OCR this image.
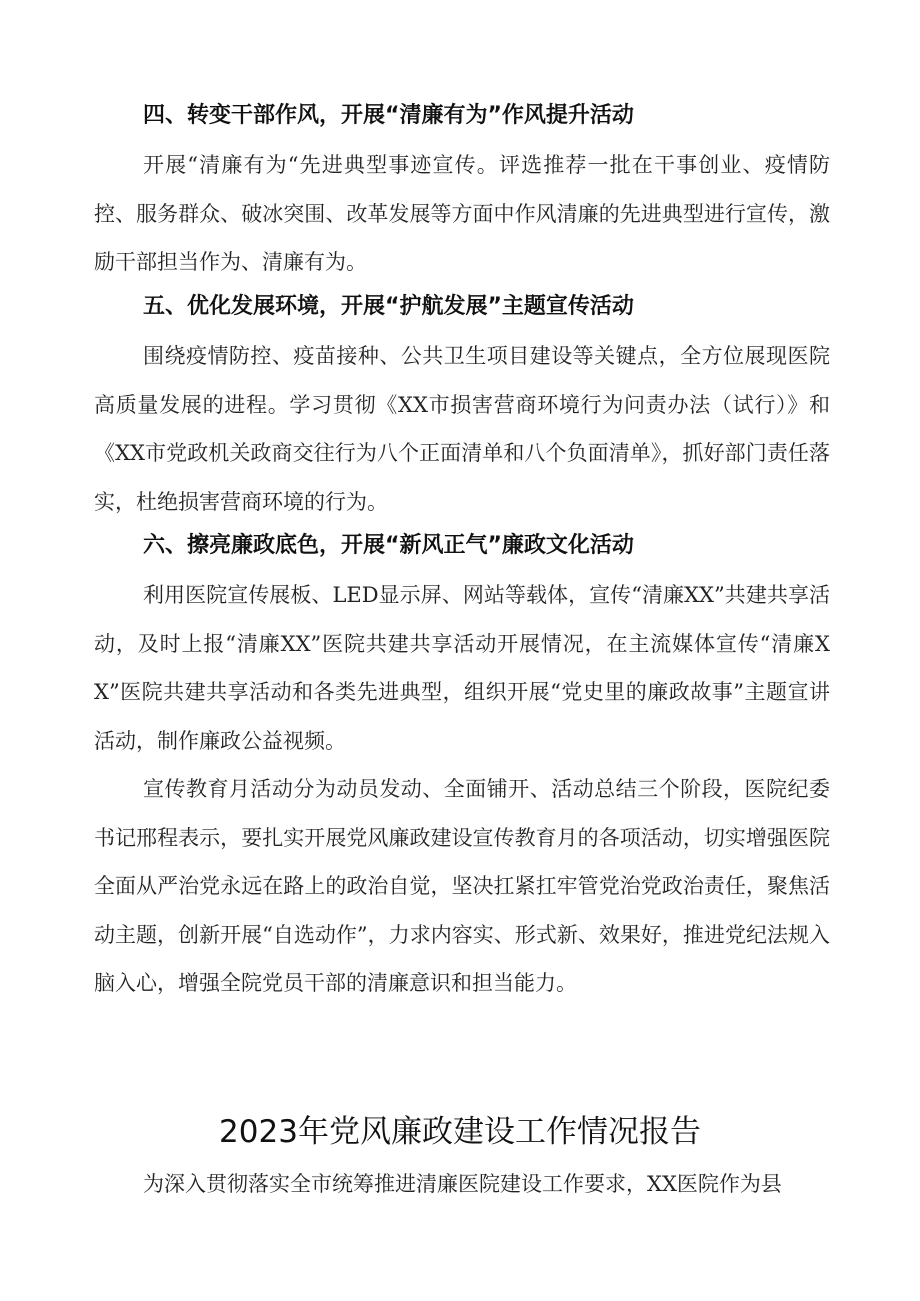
四、转变干部作风，开展“清廉有为”作风提升活动
开展“清廉有为“先进典型事迹宣传。评选推荐一批在干事创业、疫情防控、服务群众、破冰突围、改革发展等方面中作风清廉的先进典型进行宣传，激励干部担当作为、清廉有为。
五、优化发展环境，开展“护航发展”主题宣传活动
围绕疫情防控、疫苗接种、公共卫生项目建设等关键点，全方位展现医院高质量发展的进程。学习贯彻《XX市损害营商环境行为问责办法（试行）》和《XX市党政机关政商交往行为八个正面清单和八个负面清单》，抓好部门责任落实，杜绝损害营商环境的行为。
六、擦亮廉政底色，开展“新风正气”廉政文化活动
利用医院宣传展板、LED显示屏、网站等载体，宣传“清廉XX”共建共享活动，及时上报“清廉XX”医院共建共享活动开展情况，在主流媒体宣传“清廉XX”医院共建共享活动和各类先进典型，组织开展“党史里的廉政故事”主题宣讲活动，制作廉政公益视频。
宣传教育月活动分为动员发动、全面铺开、活动总结三个阶段，医院纪委书记邢程表示，要扎实开展党风廉政建设宣传教育月的各项活动，切实增强医院全面从严治党永远在路上的政治自觉，坚决扛紧扛牢管党治党政治责任，聚焦活动主题，创新开展“自选动作”，力求内容实、形式新、效果好，推进党纪法规入脑入心，增强全院党员干部的清廉意识和担当能力。
2023年党风廉政建设工作情况报告
为深入贯彻落实全市统筹推进清廉医院建设工作要求，XX医院作为县
